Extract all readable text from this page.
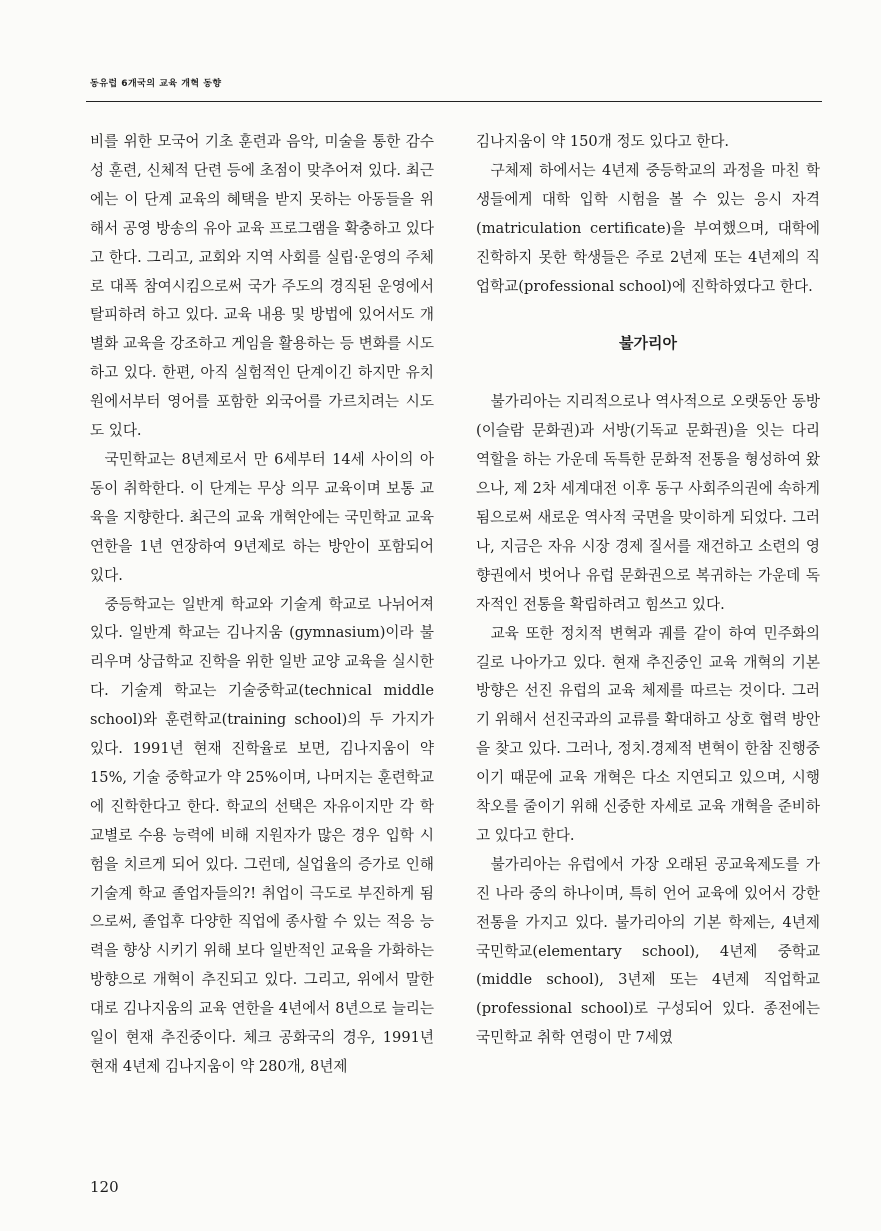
동유럽 6개국의 교육 개혁 동향

비를 위한 모국어 기초 훈련과 음악, 미술을 통한 감수성 훈련, 신체적 단련 등에 초점이 맞추어져 있다. 최근에는 이 단계 교육의 혜택을 받지 못하는 아동들을 위해서 공영 방송의 유아 교육 프로그램을 확충하고 있다고 한다. 그리고, 교회와 지역 사회를 실립·운영의 주체로 대폭 참여시킴으로써 국가 주도의 경직된 운영에서 탈피하려 하고 있다. 교육 내용 및 방법에 있어서도 개별화 교육을 강조하고 게임을 활용하는 등 변화를 시도하고 있다. 한편, 아직 실험적인 단계이긴 하지만 유치원에서부터 영어를 포함한 외국어를 가르치려는 시도도 있다.

국민학교는 8년제로서 만 6세부터 14세 사이의 아동이 취학한다. 이 단계는 무상 의무 교육이며 보통 교육을 지향한다. 최근의 교육 개혁안에는 국민학교 교육 연한을 1년 연장하여 9년제로 하는 방안이 포함되어 있다.

중등학교는 일반계 학교와 기술계 학교로 나뉘어져 있다. 일반계 학교는 김나지움 (gymnasium)이라 불리우며 상급학교 진학을 위한 일반 교양 교육을 실시한다. 기술계 학교는 기술중학교(technical middle school)와 훈련학교(training school)의 두 가지가 있다. 1991년 현재 진학율로 보면, 김나지움이 약 15%, 기술 중학교가 약 25%이며, 나머지는 훈련학교에 진학한다고 한다. 학교의 선택은 자유이지만 각 학교별로 수용 능력에 비해 지원자가 많은 경우 입학 시험을 치르게 되어 있다. 그런데, 실업율의 증가로 인해 기술계 학교 졸업자들의?! 취업이 극도로 부진하게 됨으로써, 졸업후 다양한 직업에 종사할 수 있는 적응 능력을 향상 시키기 위해 보다 일반적인 교육을 가화하는 방향으로 개혁이 추진되고 있다. 그리고, 위에서 말한대로 김나지움의 교육 연한을 4년에서 8년으로 늘리는 일이 현재 추진중이다. 체크 공화국의 경우, 1991년 현재 4년제 김나지움이 약 280개, 8년제

김나지움이 약 150개 정도 있다고 한다.

구체제 하에서는 4년제 중등학교의 과정을 마친 학생들에게 대학 입학 시험을 볼 수 있는 응시 자격(matriculation certificate)을 부여했으며, 대학에 진학하지 못한 학생들은 주로 2년제 또는 4년제의 직업학교(professional school)에 진학하였다고 한다.

불가리아

불가리아는 지리적으로나 역사적으로 오랫동안 동방(이슬람 문화권)과 서방(기독교 문화권)을 잇는 다리 역할을 하는 가운데 독특한 문화적 전통을 형성하여 왔으나, 제 2차 세계대전 이후 동구 사회주의권에 속하게 됨으로써 새로운 역사적 국면을 맞이하게 되었다. 그러나, 지금은 자유 시장 경제 질서를 재건하고 소련의 영향권에서 벗어나 유럽 문화권으로 복귀하는 가운데 독자적인 전통을 확립하려고 힘쓰고 있다.

교육 또한 정치적 변혁과 궤를 같이 하여 민주화의 길로 나아가고 있다. 현재 추진중인 교육 개혁의 기본 방향은 선진 유럽의 교육 체제를 따르는 것이다. 그러기 위해서 선진국과의 교류를 확대하고 상호 협력 방안을 찾고 있다. 그러나, 정치.경제적 변혁이 한참 진행중이기 때문에 교육 개혁은 다소 지연되고 있으며, 시행 착오를 줄이기 위해 신중한 자세로 교육 개혁을 준비하고 있다고 한다.

불가리아는 유럽에서 가장 오래된 공교육제도를 가진 나라 중의 하나이며, 특히 언어 교육에 있어서 강한 전통을 가지고 있다. 불가리아의 기본 학제는, 4년제 국민학교(elementary school), 4년제 중학교(middle school), 3년제 또는 4년제 직업학교(professional school)로 구성되어 있다. 종전에는 국민학교 취학 연령이 만 7세였

120
